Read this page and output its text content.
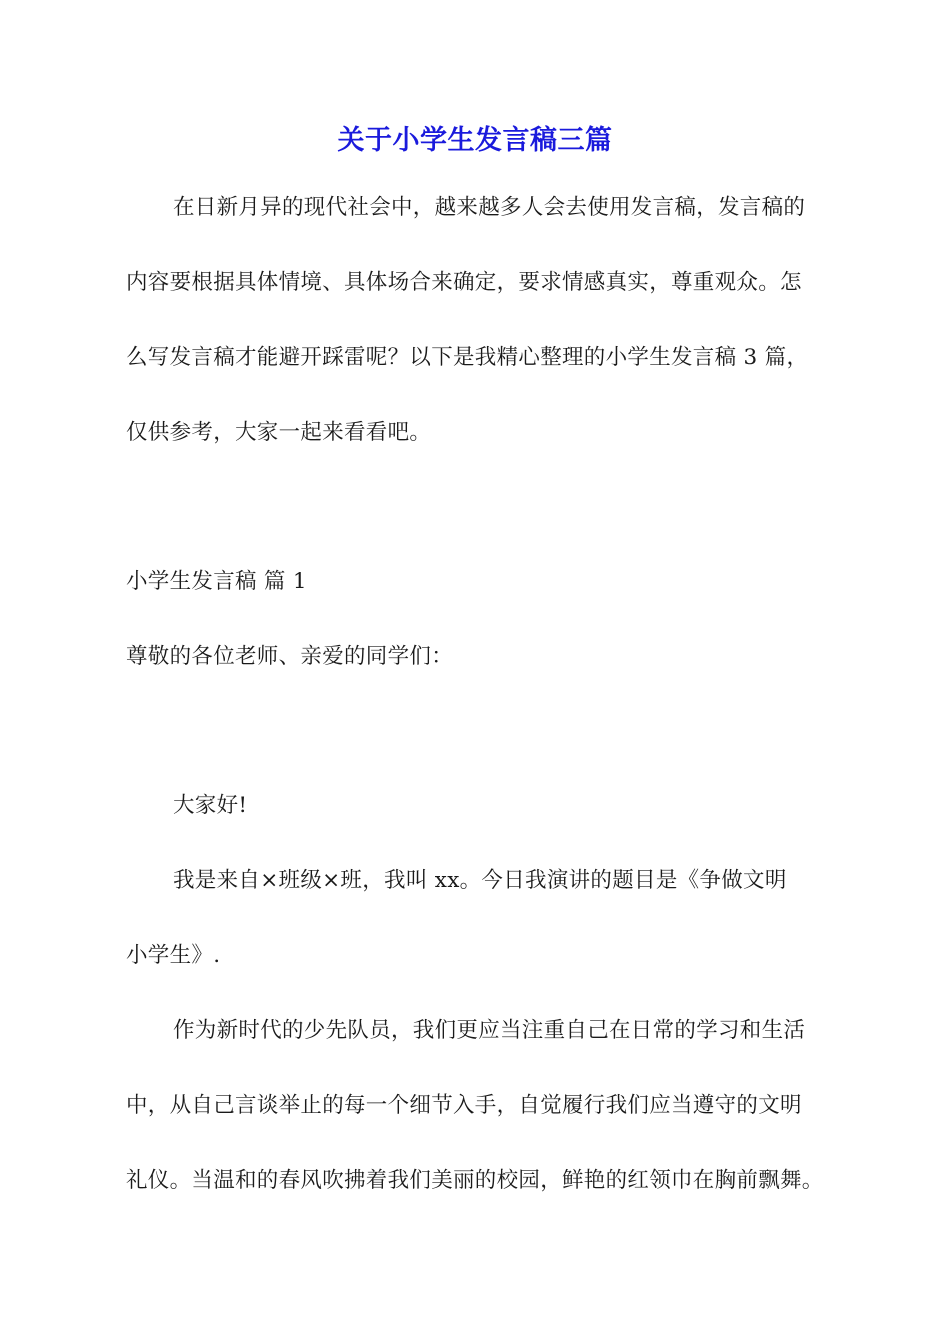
关于小学生发言稿三篇
在日新月异的现代社会中，越来越多人会去使用发言稿，发言稿的
内容要根据具体情境、具体场合来确定，要求情感真实，尊重观众。怎
么写发言稿才能避开踩雷呢？以下是我精心整理的小学生发言稿 3 篇，
仅供参考，大家一起来看看吧。
小学生发言稿 篇 1
尊敬的各位老师、亲爱的同学们：
大家好!
我是来自×班级×班，我叫 xx。今日我演讲的题目是《争做文明
小学生》.
作为新时代的少先队员，我们更应当注重自己在日常的学习和生活
中，从自己言谈举止的每一个细节入手，自觉履行我们应当遵守的文明
礼仪。当温和的春风吹拂着我们美丽的校园，鲜艳的红领巾在胸前飘舞。
